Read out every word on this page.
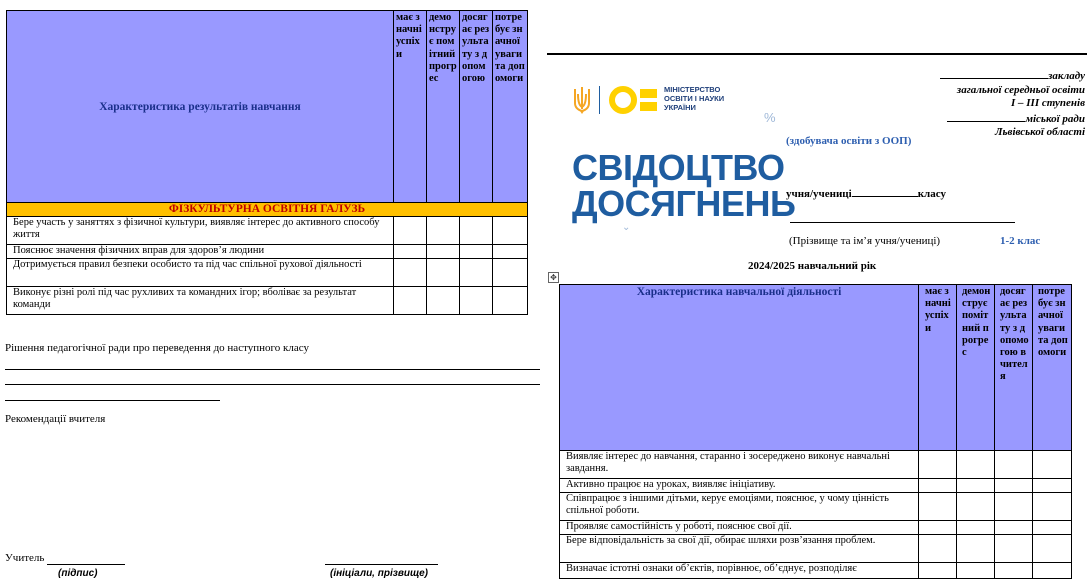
Характеристика результатів навчання	має значні успіхи	демонструє помітний прогрес	досягає результату з допомогою	потребує значної уваги та допомоги
ФІЗКУЛЬТУРНА ОСВІТНЯ ГАЛУЗЬ				
Бере участь у заняттях з фізичної культури, виявляє інтерес до активного способу життя				
Пояснює значення фізичних вправ для здоров’я людини				
Дотримується правил безпеки особисто та під час спільної рухової діяльності				
Виконує різні ролі під час рухливих та командних ігор; вболіває за результат команди				
Рішення педагогічної ради про переведення до наступного класу
Рекомендації вчителя
Учитель
(підпис)	(ініціали, прізвище)
МІНІСТЕРСТВО
ОСВІТИ І НАУКИ
УКРАЇНИ
%
СВІДОЦТВО
ДОСЯГНЕНЬ
⌄
закладу
загальної середньої освіти
І – ІІІ ступенів
міської ради
Львівської області
(здобувача освіти з ООП)
учня/учениці	класу
(Прізвище та ім’я учня/учениці)	1-2 клас
2024/2025 навчальний рік
✥
Характеристика навчальної діяльності	має значні успіхи	демонструє помітний прогрес	досягає результату з допомогою вчителя	потребує значної уваги та допомоги
Виявляє інтерес до навчання, старанно і зосереджено виконує навчальні завдання.				
Активно працює на уроках, виявляє ініціативу.				
Співпрацює з іншими дітьми, керує емоціями, пояснює, у чому цінність спільної роботи.				
Проявляє самостійність у роботі, пояснює свої дії.				
Бере відповідальність за свої дії, обирає шляхи розв’язання проблем.				
Визначає істотні ознаки об’єктів, порівнює, об’єднує, розподіляє				
